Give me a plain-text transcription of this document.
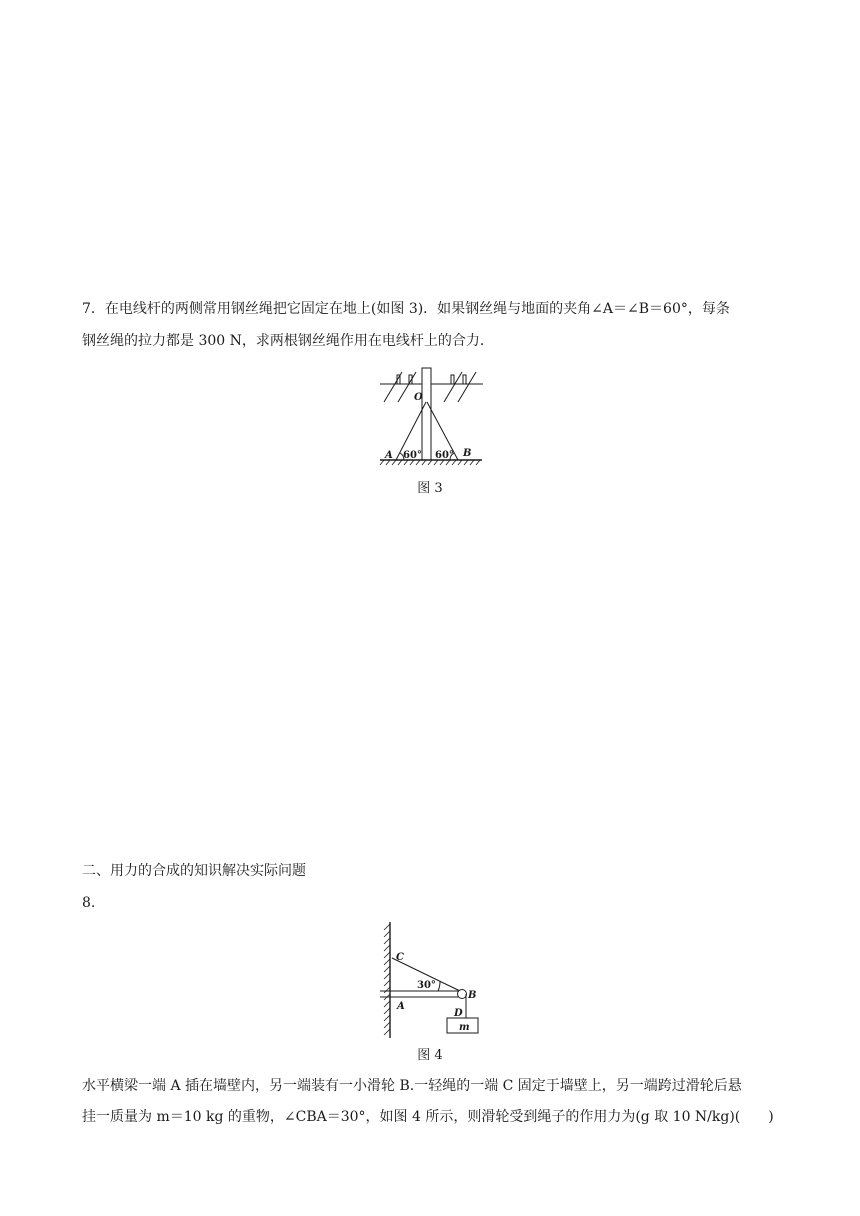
7．在电线杆的两侧常用钢丝绳把它固定在地上(如图 3)．如果钢丝绳与地面的夹角∠A＝∠B＝60°，每条
钢丝绳的拉力都是 300 N，求两根钢丝绳作用在电线杆上的合力．
O
A	B
60° 60°
图 3
二、用力的合成的知识解决实际问题
8.
C
30°
B
A
D
m
图 4
水平横梁一端 A 插在墙壁内，另一端装有一小滑轮 B.一轻绳的一端 C 固定于墙壁上，另一端跨过滑轮后悬
挂一质量为 m＝10 kg 的重物，∠CBA＝30°，如图 4 所示，则滑轮受到绳子的作用力为(g 取 10 N/kg)(　　)
